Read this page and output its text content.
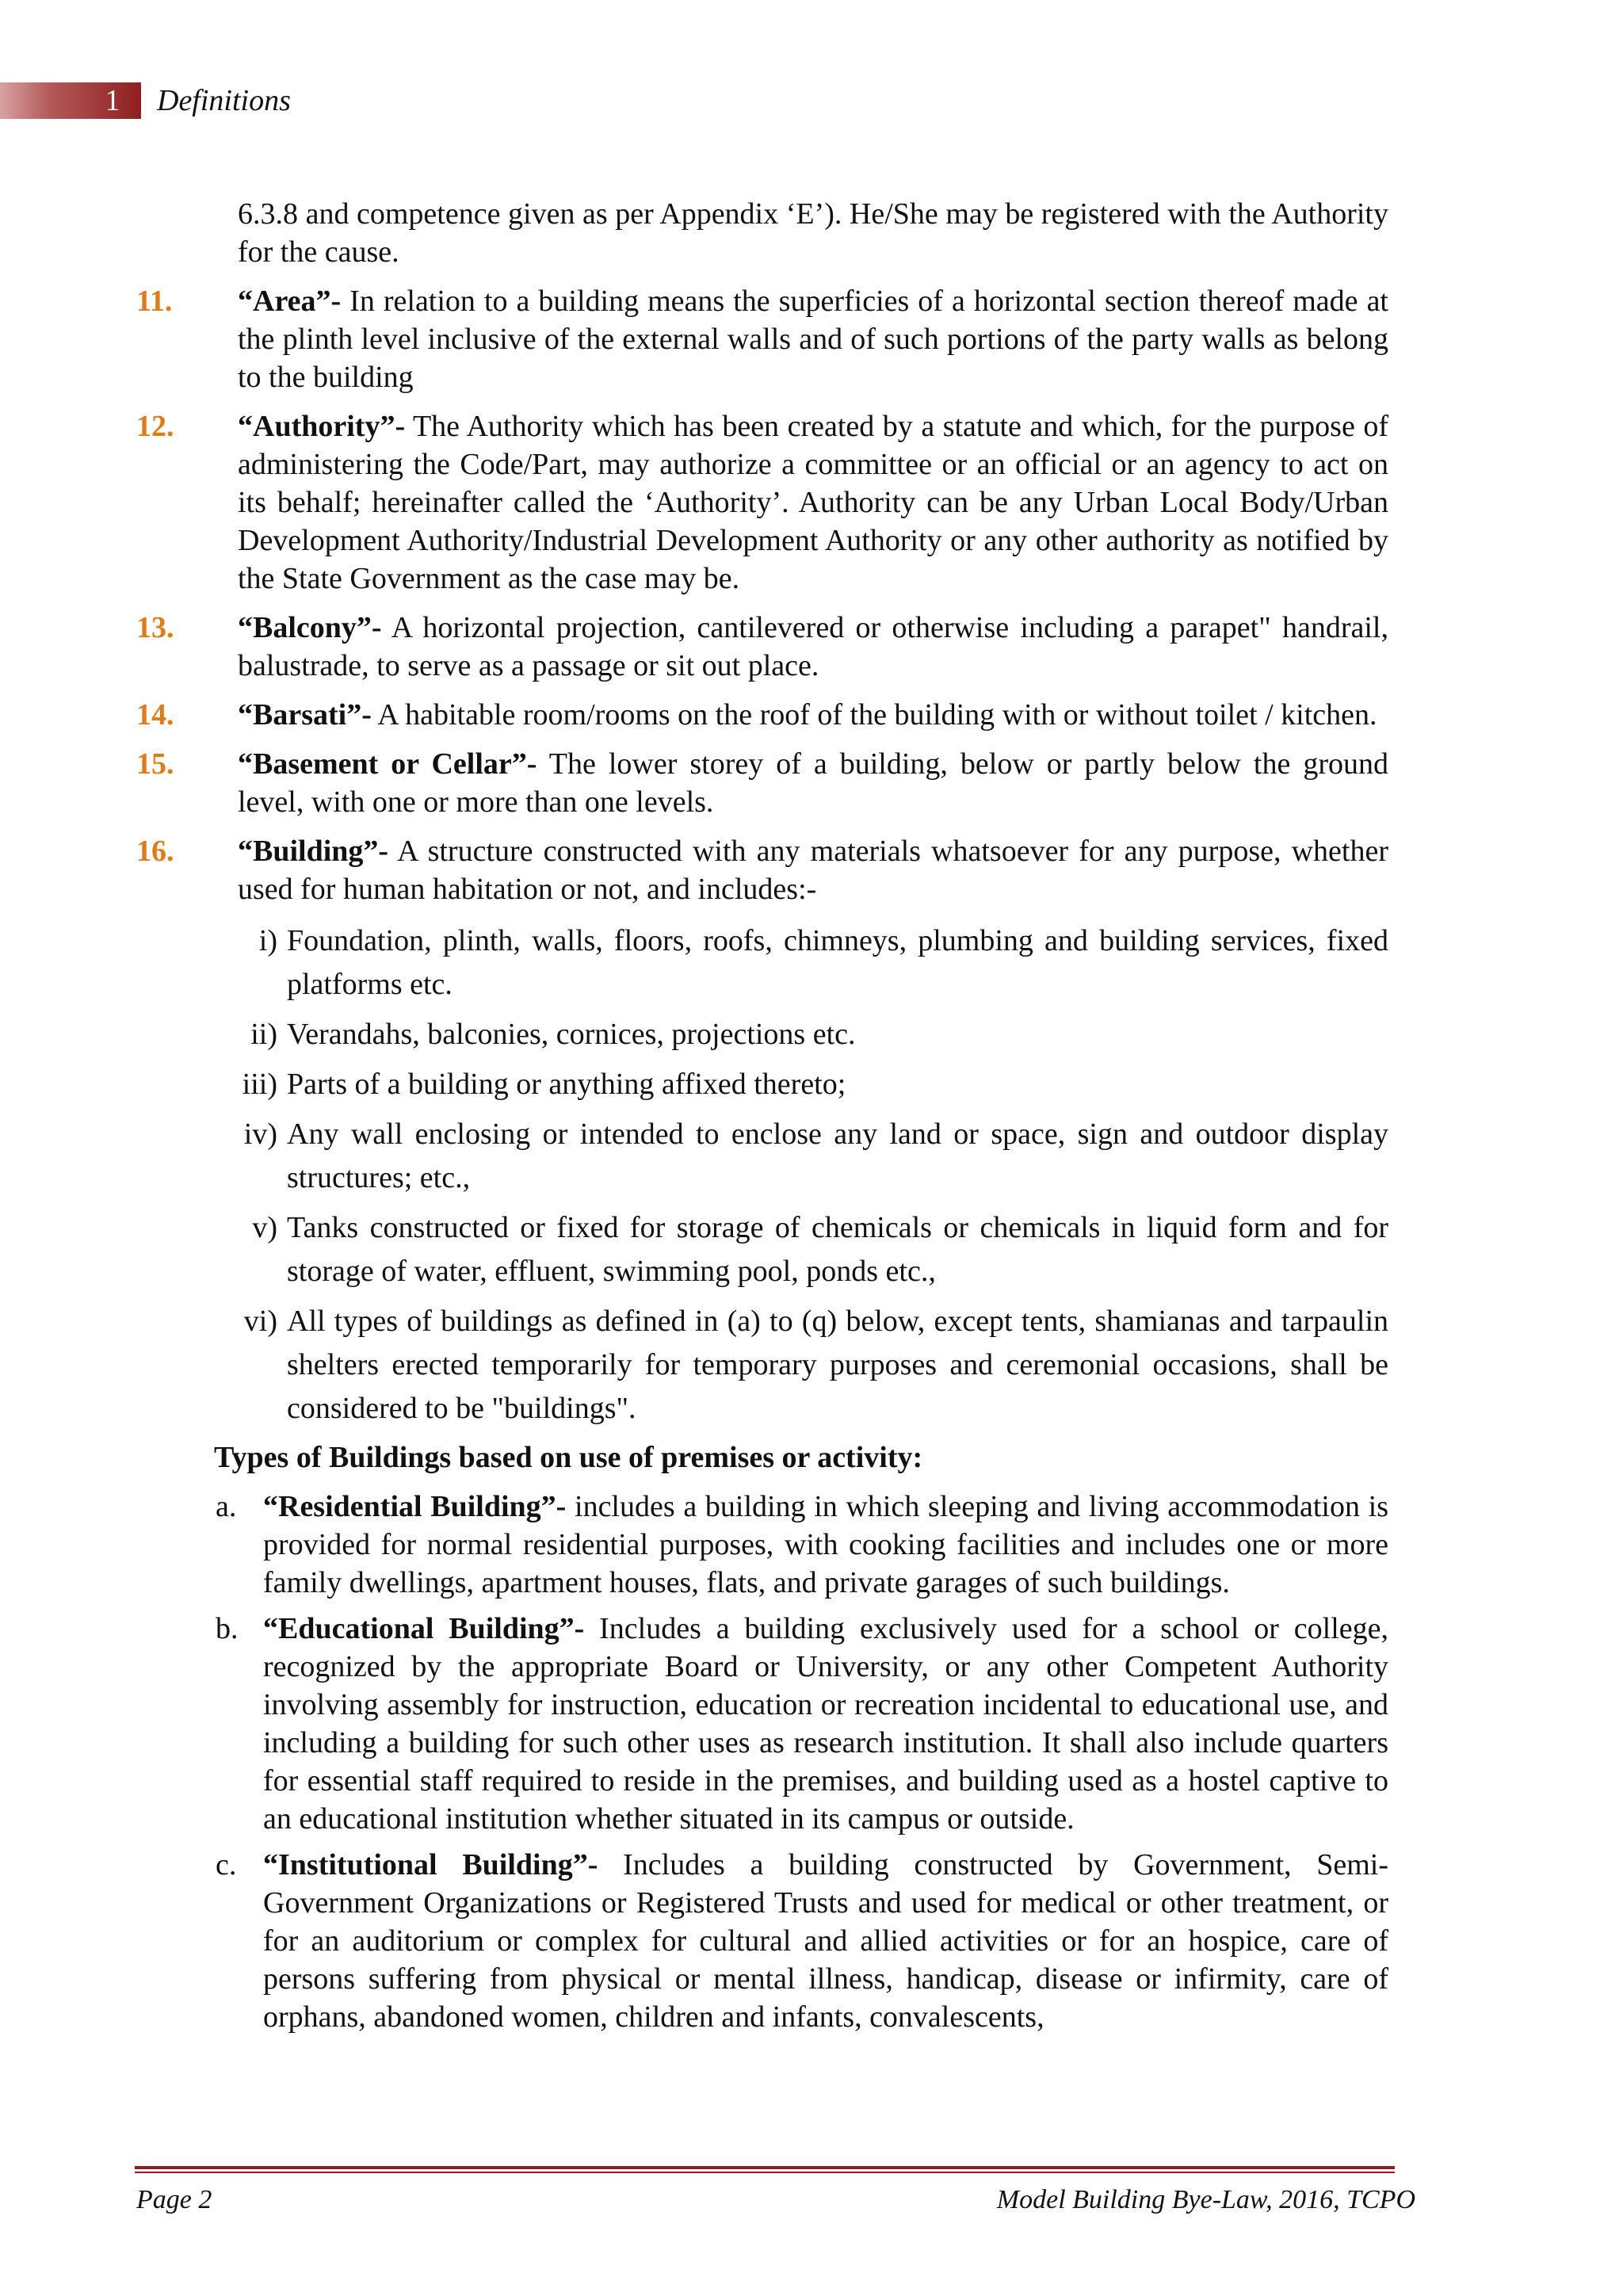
1 Definitions

6.3.8 and competence given as per Appendix ‘E’). He/She may be registered with the Authority for the cause.

11. “Area”- In relation to a building means the superficies of a horizontal section thereof made at the plinth level inclusive of the external walls and of such portions of the party walls as belong to the building
12. “Authority”- The Authority which has been created by a statute and which, for the purpose of administering the Code/Part, may authorize a committee or an official or an agency to act on its behalf; hereinafter called the ‘Authority’. Authority can be any Urban Local Body/Urban Development Authority/Industrial Development Authority or any other authority as notified by the State Government as the case may be.
13. “Balcony”- A horizontal projection, cantilevered or otherwise including a parapet" handrail, balustrade, to serve as a passage or sit out place.
14. “Barsati”- A habitable room/rooms on the roof of the building with or without toilet / kitchen.
15. “Basement or Cellar”- The lower storey of a building, below or partly below the ground level, with one or more than one levels.
16. “Building”- A structure constructed with any materials whatsoever for any purpose, whether used for human habitation or not, and includes:-
i) Foundation, plinth, walls, floors, roofs, chimneys, plumbing and building services, fixed platforms etc.
ii) Verandahs, balconies, cornices, projections etc.
iii) Parts of a building or anything affixed thereto;
iv) Any wall enclosing or intended to enclose any land or space, sign and outdoor display structures; etc.,
v) Tanks constructed or fixed for storage of chemicals or chemicals in liquid form and for storage of water, effluent, swimming pool, ponds etc.,
vi) All types of buildings as defined in (a) to (q) below, except tents, shamianas and tarpaulin shelters erected temporarily for temporary purposes and ceremonial occasions, shall be considered to be "buildings".
Types of Buildings based on use of premises or activity:
a. “Residential Building”- includes a building in which sleeping and living accommodation is provided for normal residential purposes, with cooking facilities and includes one or more family dwellings, apartment houses, flats, and private garages of such buildings.
b. “Educational Building”- Includes a building exclusively used for a school or college, recognized by the appropriate Board or University, or any other Competent Authority involving assembly for instruction, education or recreation incidental to educational use, and including a building for such other uses as research institution. It shall also include quarters for essential staff required to reside in the premises, and building used as a hostel captive to an educational institution whether situated in its campus or outside.
c. “Institutional Building”- Includes a building constructed by Government, Semi-Government Organizations or Registered Trusts and used for medical or other treatment, or for an auditorium or complex for cultural and allied activities or for an hospice, care of persons suffering from physical or mental illness, handicap, disease or infirmity, care of orphans, abandoned women, children and infants, convalescents,
Page 2	Model Building Bye-Law, 2016, TCPO
